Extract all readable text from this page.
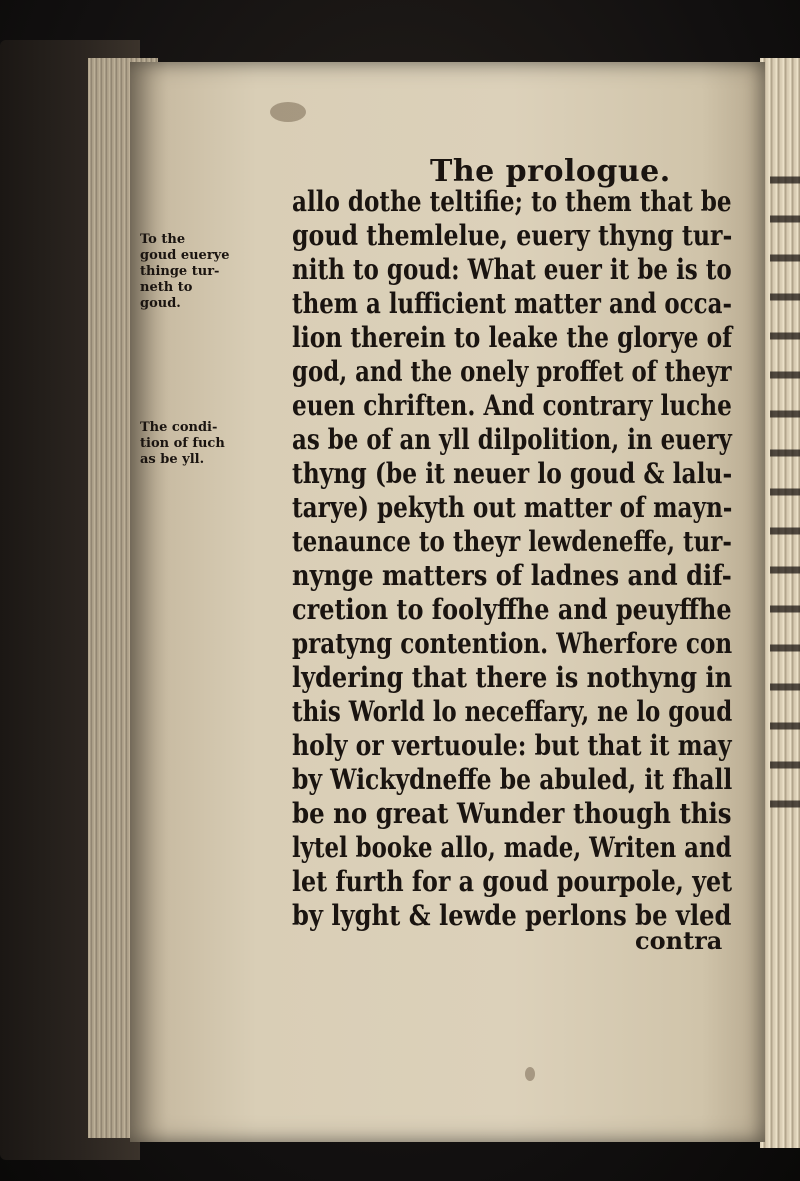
The prologue.
allo dothe teltifie; to them that be
goud themlelue, euery thyng tur-
nith to goud: What euer it be is to
them a lufficient matter and occa-
lion therein to leake the glorye of
god, and the onely proffet of theyr
euen chriften. And contrary luche
as be of an yll dilpolition, in euery
thyng (be it neuer lo goud & lalu-
tarye) pekyth out matter of mayn-
tenaunce to theyr lewdeneffe, tur-
nynge matters of ladnes and dif-
cretion to foolyffhe and peuyffhe
pratyng contention. Wherfore con
lydering that there is nothyng in
this World lo neceffary, ne lo goud
holy or vertuoule: but that it may
by Wickydneffe be abuled, it fhall
be no great Wunder though this
lytel booke allo, made, Writen and
let furth for a goud pourpole, yet
by lyght & lewde perlons be vled
contra
To the
goud euerye
thinge tur-
neth to
goud.
The condi-
tion of fuch
as be yll.
